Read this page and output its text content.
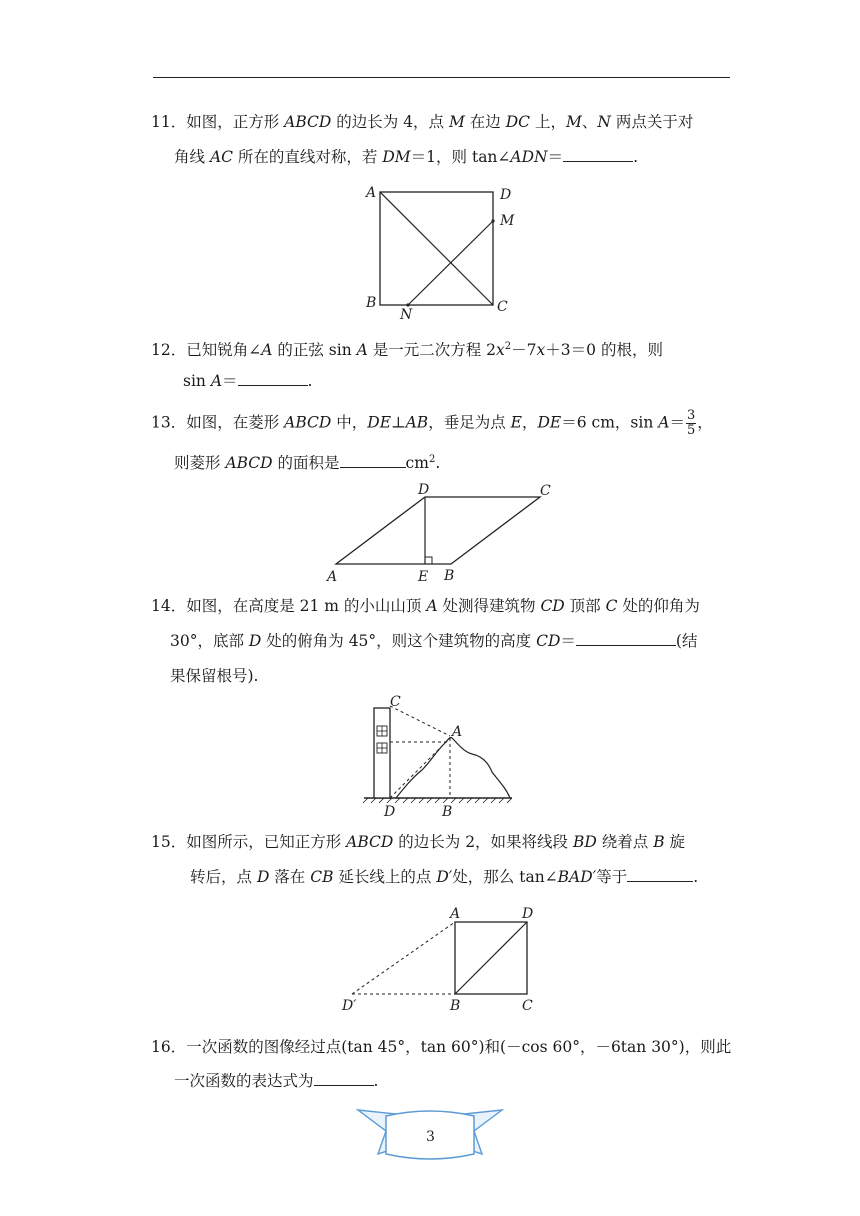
11．如图，正方形 ABCD 的边长为 4，点 M 在边 DC 上，M、N 两点关于对
角线 AC 所在的直线对称，若 DM＝1，则 tan∠ADN＝	.
A	D
M
B	C
N
12．已知锐角∠A 的正弦 sin A 是一元二次方程 $2x^2-7x+3=0$ 的根，则
sin A＝	.
13．如图，在菱形 ABCD 中，DE⊥AB，垂足为点 E，DE＝6 cm，$\sin A= \frac{3}{5}$ ，
则菱形 ABCD 的面积是	$cm^2$.
D	C
A	E B
14．如图，在高度是 21 m 的小山山顶 A 处测得建筑物 CD 顶部 C 处的仰角为
30°，底部 D 处的俯角为 45°，则这个建筑物的高度 CD＝	(结
果保留根号).
C
A
D	B
15．如图所示，已知正方形 ABCD 的边长为 2，如果将线段 BD 绕着点 B 旋
转后，点 D 落在 CB 延长线上的点 D′处，那么 tan∠BAD′等于	.
A	D
D′	B	C
16．一次函数的图像经过点(tan 45°，tan 60°)和(－cos 60°，－6tan 30°)，则此
一次函数的表达式为	.
3
